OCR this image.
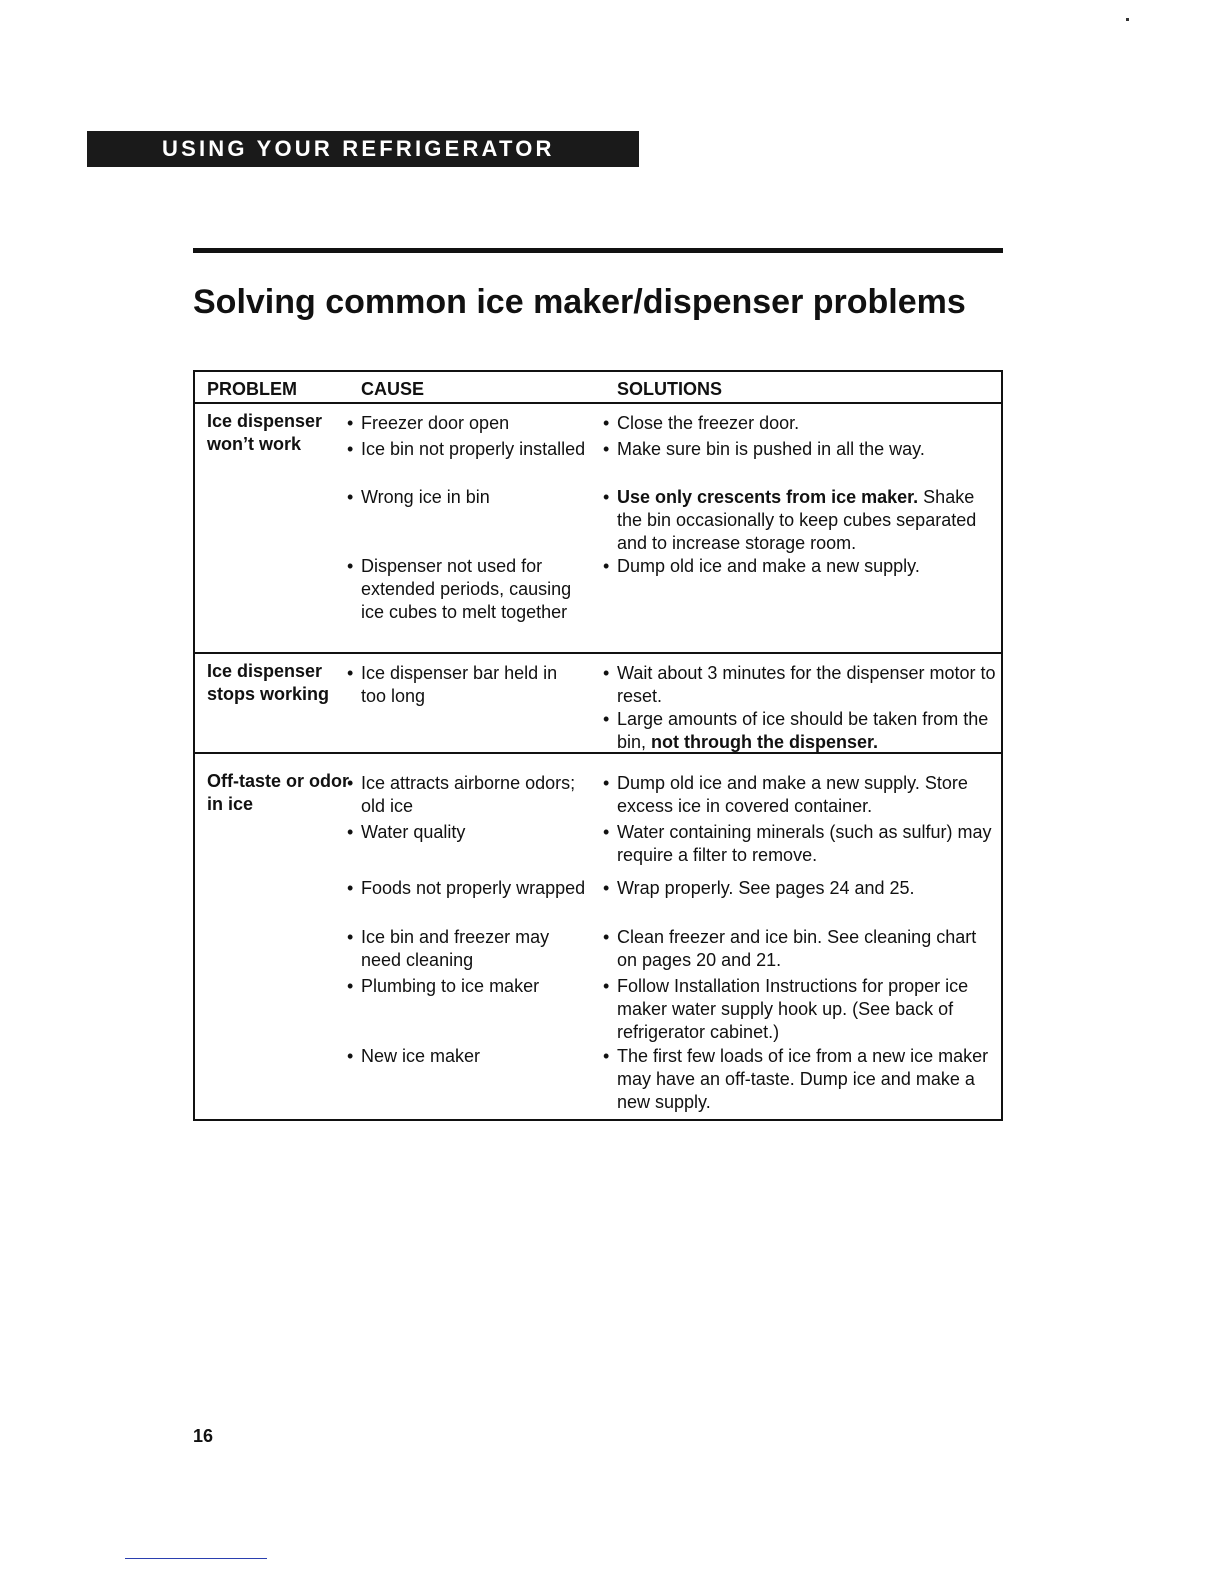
USING YOUR REFRIGERATOR
Solving common ice maker/dispenser problems
PROBLEM	CAUSE	SOLUTIONS
Ice dispenser won’t work
• Freezer door open
• Ice bin not properly installed
• Wrong ice in bin
• Dispenser not used for extended periods, causing ice cubes to melt together
• Close the freezer door.
• Make sure bin is pushed in all the way.
• Use only crescents from ice maker. Shake the bin occasionally to keep cubes separated and to increase storage room.
• Dump old ice and make a new supply.
Ice dispenser stops working
• Ice dispenser bar held in too long
• Wait about 3 minutes for the dispenser motor to reset.
• Large amounts of ice should be taken from the bin, not through the dispenser.
Off-taste or odor in ice
• Ice attracts airborne odors; old ice
• Water quality
• Foods not properly wrapped
• Ice bin and freezer may need cleaning
• Plumbing to ice maker
• New ice maker
• Dump old ice and make a new supply. Store excess ice in covered container.
• Water containing minerals (such as sulfur) may require a filter to remove.
• Wrap properly. See pages 24 and 25.
• Clean freezer and ice bin. See cleaning chart on pages 20 and 21.
• Follow Installation Instructions for proper ice maker water supply hook up. (See back of refrigerator cabinet.)
• The first few loads of ice from a new ice maker may have an off-taste. Dump ice and make a new supply.
16
